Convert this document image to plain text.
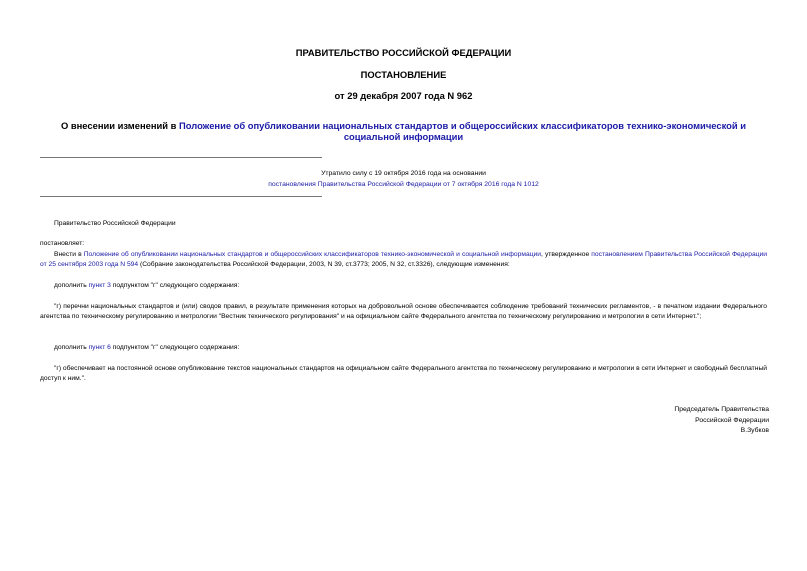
ПРАВИТЕЛЬСТВО РОССИЙСКОЙ ФЕДЕРАЦИИ
ПОСТАНОВЛЕНИЕ
от 29 декабря 2007 года N 962
О внесении изменений в Положение об опубликовании национальных стандартов и общероссийских классификаторов технико-экономической и социальной информации
Утратило силу с 19 октября 2016 года на основании
постановления Правительства Российской Федерации от 7 октября 2016 года N 1012
Правительство Российской Федерации
постановляет:
Внести в Положение об опубликовании национальных стандартов и общероссийских классификаторов технико-экономической и социальной информации, утвержденное постановлением Правительства Российской Федерации от 25 сентября 2003 года N 594 (Собрание законодательства Российской Федерации, 2003, N 39, ст.3773; 2005, N 32, ст.3326), следующие изменения:
дополнить пункт 3 подпунктом "г" следующего содержания:
"г) перечни национальных стандартов и (или) сводов правил, в результате применения которых на добровольной основе обеспечивается соблюдение требований технических регламентов, - в печатном издании Федерального агентства по техническому регулированию и метрологии "Вестник технического регулирования" и на официальном сайте Федерального агентства по техническому регулированию и метрологии в сети Интернет.";
дополнить пункт 6 подпунктом "г" следующего содержания:
"г) обеспечивает на постоянной основе опубликование текстов национальных стандартов на официальном сайте Федерального агентства по техническому регулированию и метрологии в сети Интернет и свободный бесплатный доступ к ним.".
Председатель Правительства
Российской Федерации
В.Зубков
